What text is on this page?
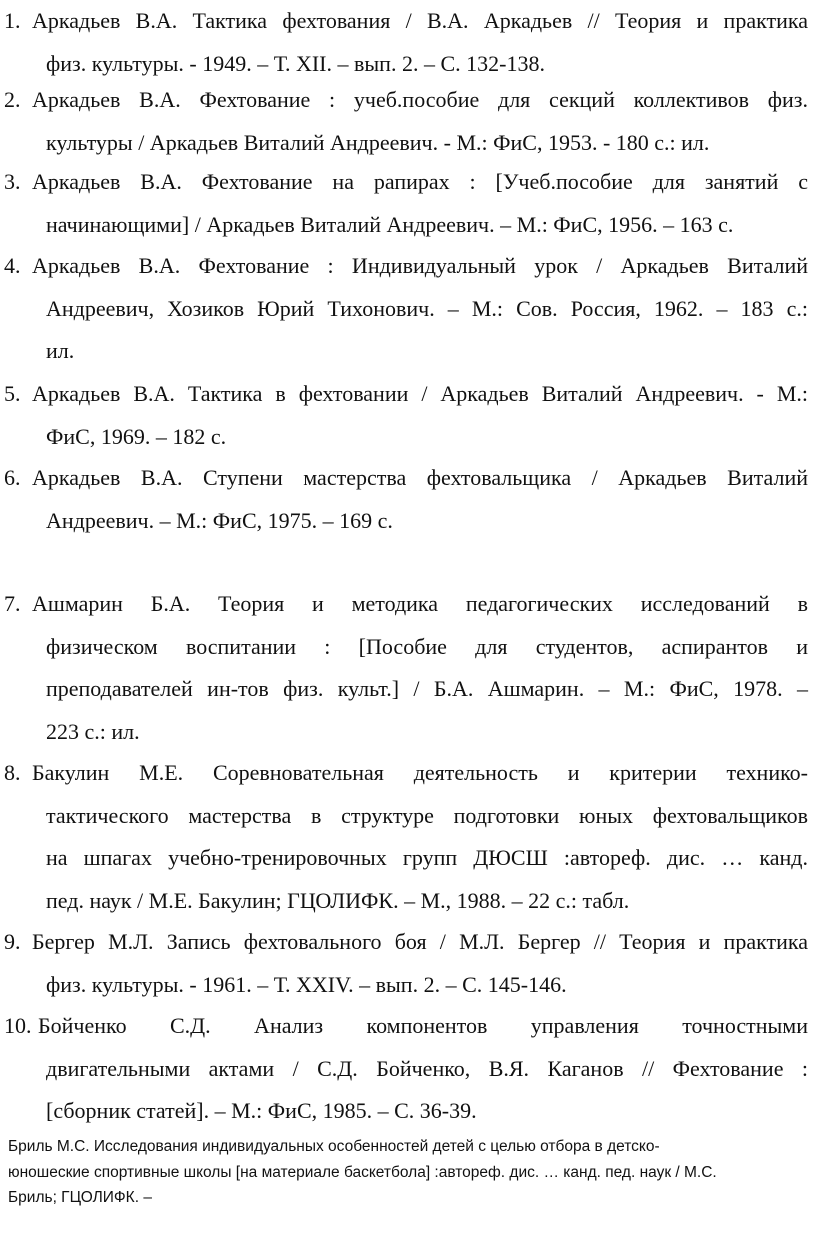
1. Аркадьев В.А. Тактика фехтования / В.А. Аркадьев // Теория и практика
физ. культуры. - 1949. – Т. XII. – вып. 2. – С. 132-138.
2. Аркадьев В.А. Фехтование : учеб.пособие для секций коллективов физ.
культуры / Аркадьев Виталий Андреевич. - М.: ФиС, 1953. - 180 с.: ил.
3. Аркадьев В.А. Фехтование на рапирах : [Учеб.пособие для занятий с
начинающими] / Аркадьев Виталий Андреевич. – М.: ФиС, 1956. – 163 с.
4. Аркадьев В.А. Фехтование : Индивидуальный урок / Аркадьев Виталий
Андреевич, Хозиков Юрий Тихонович. – М.: Сов. Россия, 1962. – 183 с.:
ил.
5. Аркадьев В.А. Тактика в фехтовании / Аркадьев Виталий Андреевич. - М.:
ФиС, 1969. – 182 с.
6. Аркадьев В.А. Ступени мастерства фехтовальщика / Аркадьев Виталий
Андреевич. – М.: ФиС, 1975. – 169 с.
7. Ашмарин Б.А. Теория и методика педагогических исследований в
физическом воспитании : [Пособие для студентов, аспирантов и
преподавателей ин-тов физ. культ.] / Б.А. Ашмарин. – М.: ФиС, 1978. –
223 с.: ил.
8. Бакулин М.Е. Соревновательная деятельность и критерии технико-
тактического мастерства в структуре подготовки юных фехтовальщиков
на шпагах учебно-тренировочных групп ДЮСШ :автореф. дис. … канд.
пед. наук / М.Е. Бакулин; ГЦОЛИФК. – М., 1988. – 22 с.: табл.
9. Бергер М.Л. Запись фехтовального боя / М.Л. Бергер // Теория и практика
физ. культуры. - 1961. – Т. XXIV. – вып. 2. – С. 145-146.
10. Бойченко С.Д. Анализ компонентов управления точностными
двигательными актами / С.Д. Бойченко, В.Я. Каганов // Фехтование :
[сборник статей]. – М.: ФиС, 1985. – С. 36-39.
Бриль М.С. Исследования индивидуальных особенностей детей с целью отбора в детско-
юношеские спортивные школы [на материале баскетбола] :автореф. дис. … канд. пед. наук / М.С.
Бриль; ГЦОЛИФК. –
